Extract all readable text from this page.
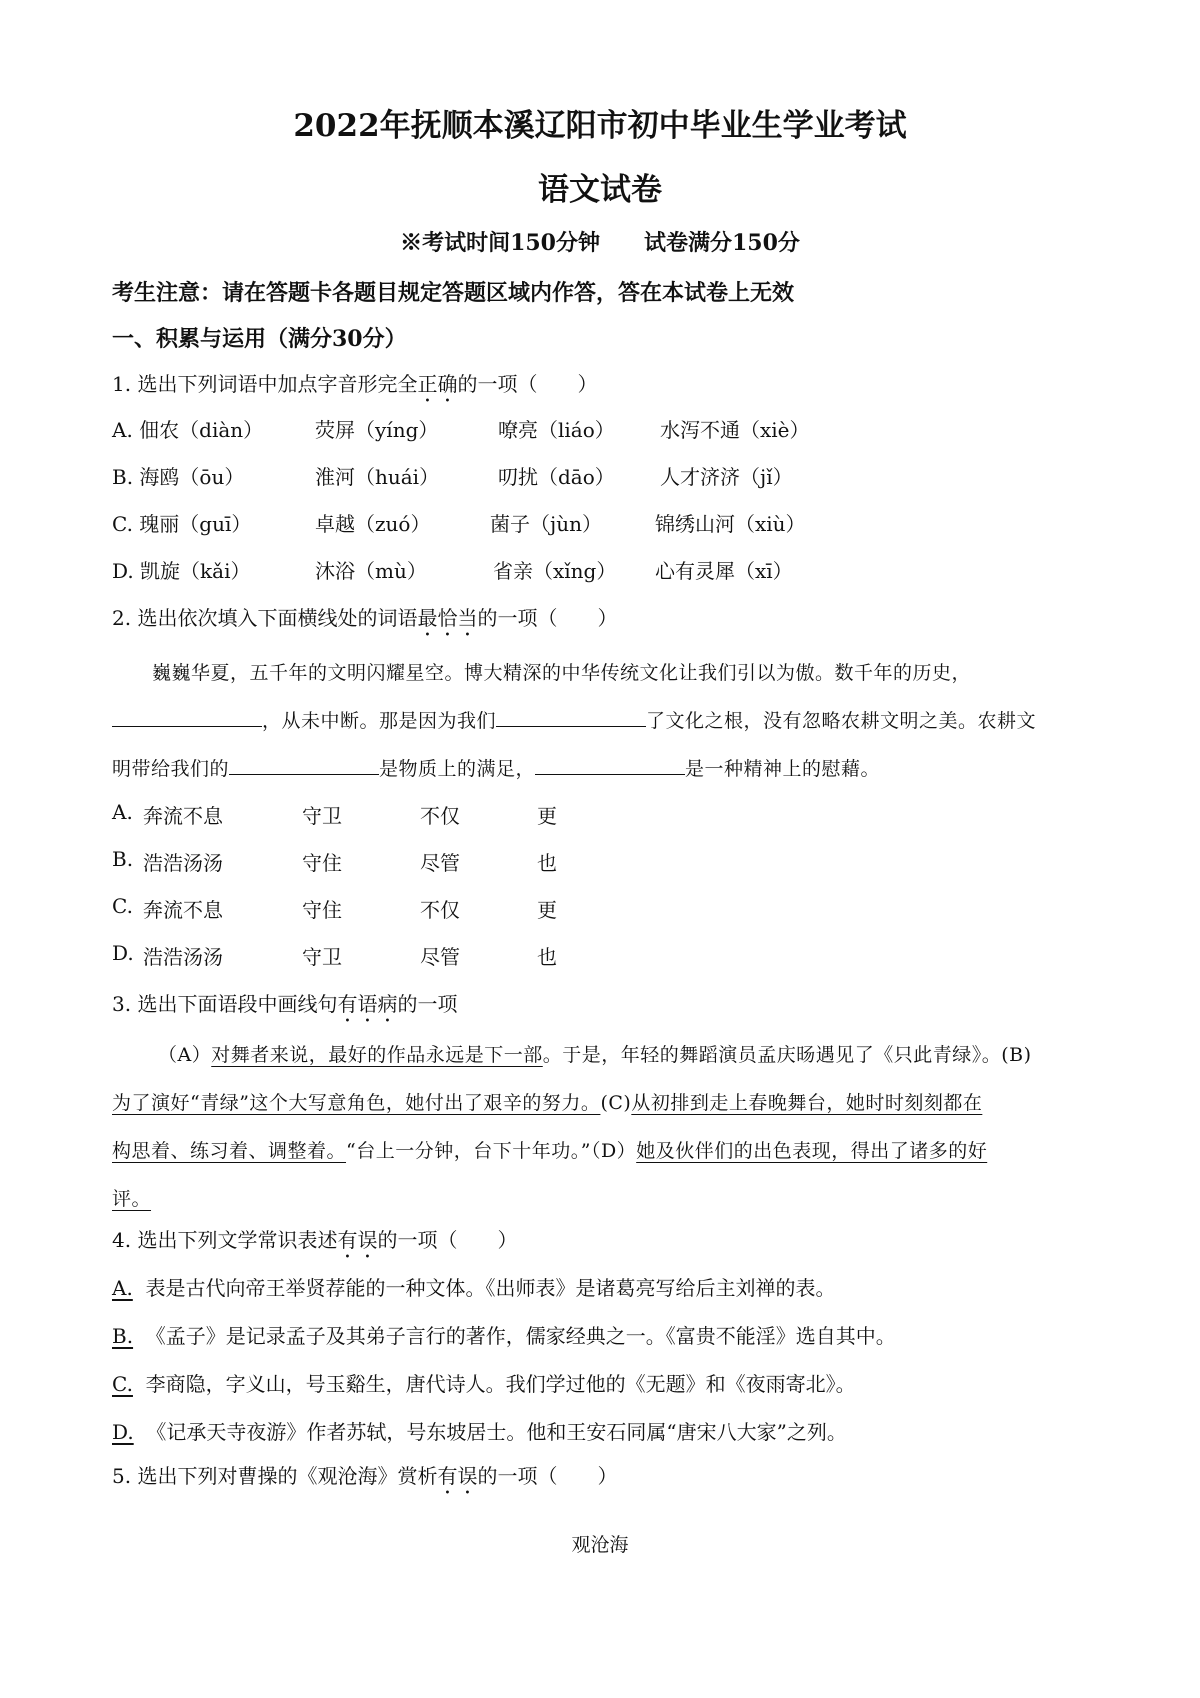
2022年抚顺本溪辽阳市初中毕业生学业考试
语文试卷
※考试时间150分钟　　试卷满分150分
考生注意：请在答题卡各题目规定答题区域内作答，答在本试卷上无效
一、积累与运用（满分30分）
1. 选出下列词语中加点字音形完全正确的一项（　　）
A. 佃农（diàn）	荧屏（yíng）	嘹亮（liáo） 水泻不通（xiè）
B. 海鸥（ōu）	淮河（huái）	叨扰（dāo） 人才济济（jǐ）
C. 瑰丽（guī）	卓越（zuó）	菌子（jùn）	锦绣山河（xiù）
D. 凯旋（kǎi）	沐浴（mù）	省亲（xǐng） 心有灵犀（xī）
2. 选出依次填入下面横线处的词语最恰当的一项（　　）
巍巍华夏，五千年的文明闪耀星空。博大精深的中华传统文化让我们引以为傲。数千年的历史，
，从未中断。那是因为我们	了文化之根，没有忽略农耕文明之美。农耕文
明带给我们的	是物质上的满足，	是一种精神上的慰藉。
A. 奔流不息	守卫	不仅	更
B. 浩浩汤汤	守住	尽管	也
C. 奔流不息	守住	不仅	更
D. 浩浩汤汤	守卫	尽管	也
3. 选出下面语段中画线句有语病的一项
（A）对舞者来说，最好的作品永远是下一部。于是，年轻的舞蹈演员孟庆旸遇见了《只此青绿》。(B)
为了演好“青绿”这个大写意角色，她付出了艰辛的努力。(C)从初排到走上春晚舞台，她时时刻刻都在
构思着、练习着、调整着。“台上一分钟，台下十年功。”（D）她及伙伴们的出色表现，得出了诸多的好
评。
4. 选出下列文学常识表述有误的一项（　　）
A. 表是古代向帝王举贤荐能的一种文体。《出师表》是诸葛亮写给后主刘禅的表。
B. 《孟子》是记录孟子及其弟子言行的著作，儒家经典之一。《富贵不能淫》选自其中。
C. 李商隐，字义山，号玉谿生，唐代诗人。我们学过他的《无题》和《夜雨寄北》。
D. 《记承天寺夜游》作者苏轼，号东坡居士。他和王安石同属“唐宋八大家”之列。
5. 选出下列对曹操的《观沧海》赏析有误的一项（　　）
观沧海
